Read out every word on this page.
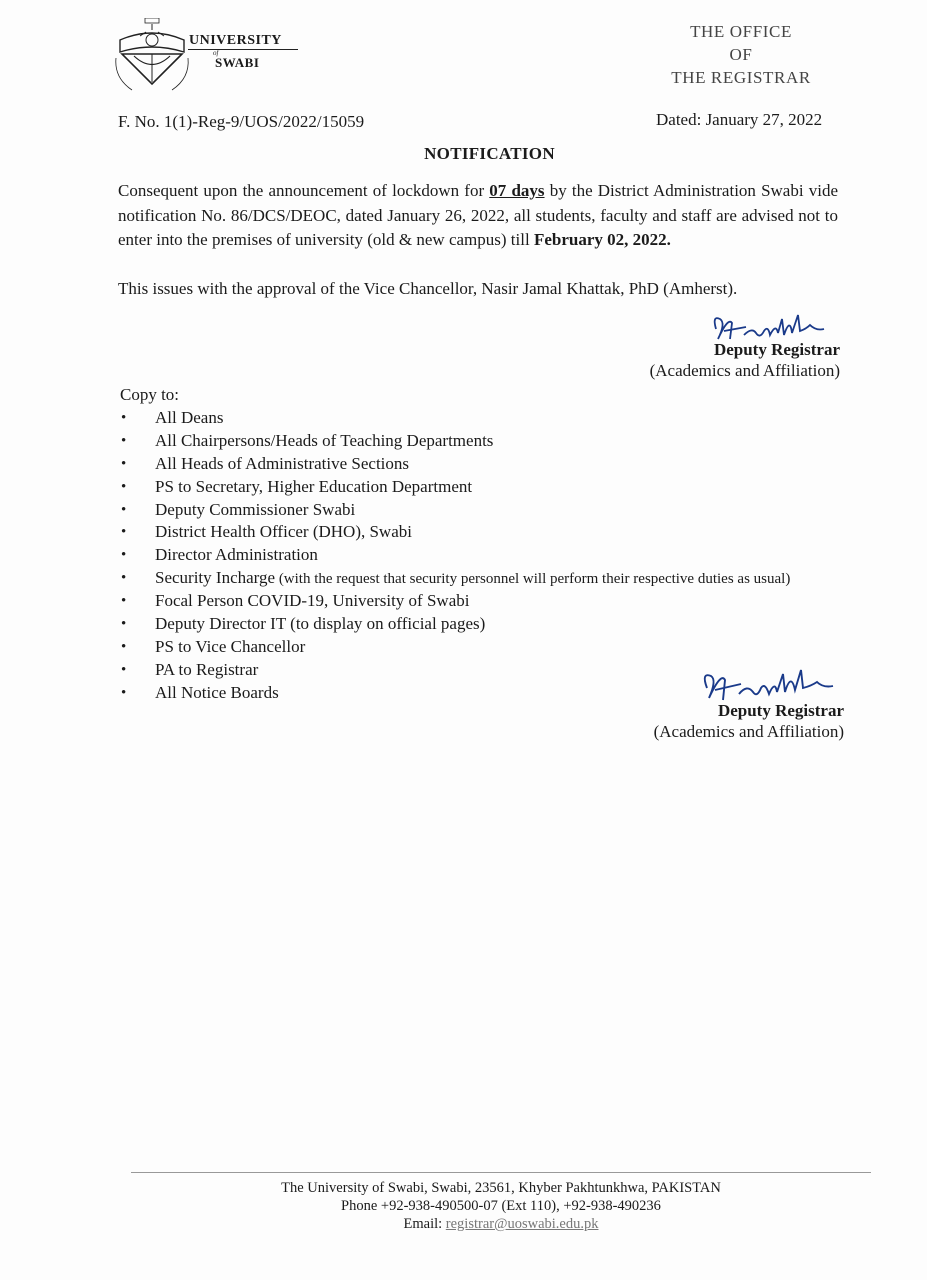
UNIVERSITY
of
SWABI
THE OFFICE
OF
THE REGISTRAR
F. No. 1(1)-Reg-9/UOS/2022/15059	Dated: January 27, 2022
NOTIFICATION
Consequent upon the announcement of lockdown for 07 days by the District Administration Swabi vide notification No. 86/DCS/DEOC, dated January 26, 2022, all students, faculty and staff are advised not to enter into the premises of university (old & new campus) till February 02, 2022.
This issues with the approval of the Vice Chancellor, Nasir Jamal Khattak, PhD (Amherst).
Deputy Registrar
(Academics and Affiliation)
Copy to:
• All Deans
• All Chairpersons/Heads of Teaching Departments
• All Heads of Administrative Sections
• PS to Secretary, Higher Education Department
• Deputy Commissioner Swabi
• District Health Officer (DHO), Swabi
• Director Administration
• Security Incharge (with the request that security personnel will perform their respective duties as usual)
• Focal Person COVID-19, University of Swabi
• Deputy Director IT (to display on official pages)
• PS to Vice Chancellor
• PA to Registrar
• All Notice Boards
Deputy Registrar
(Academics and Affiliation)
The University of Swabi, Swabi, 23561, Khyber Pakhtunkhwa, PAKISTAN
Phone +92-938-490500-07 (Ext 110), +92-938-490236
Email: registrar@uoswabi.edu.pk
